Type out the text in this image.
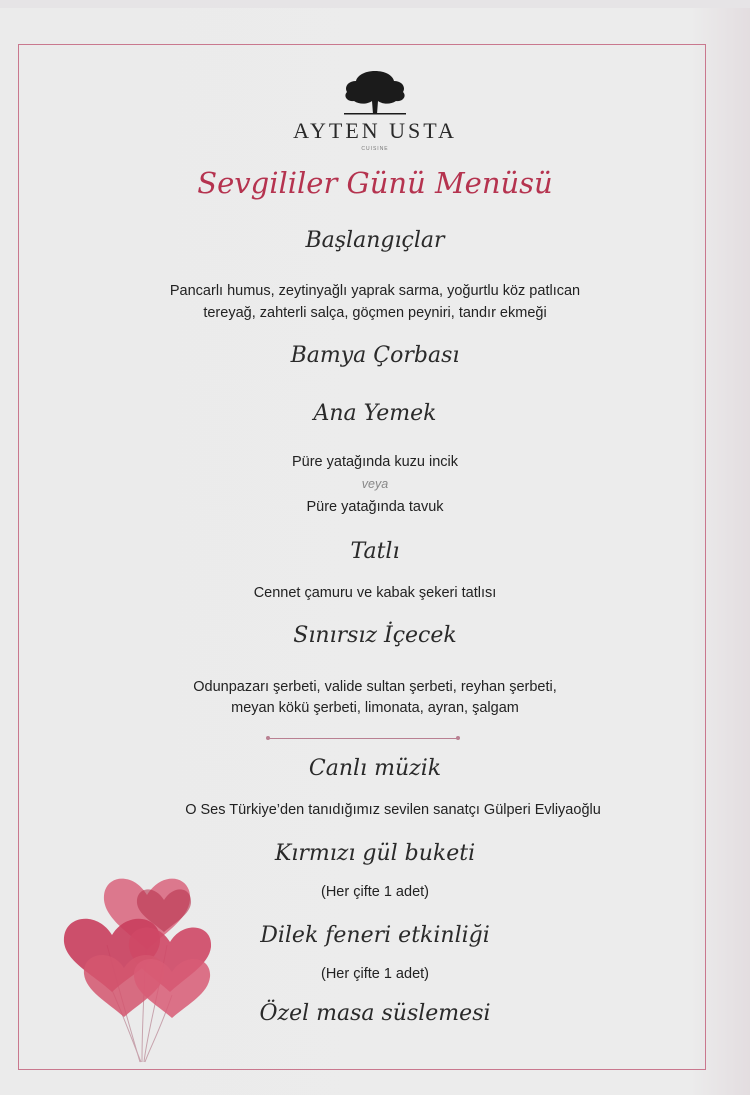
AYTEN USTA
CUISINE
Sevgililer Günü Menüsü
Başlangıçlar
Pancarlı humus, zeytinyağlı yaprak sarma, yoğurtlu köz patlıcan
tereyağ, zahterli salça, göçmen peyniri, tandır ekmeği
Bamya Çorbası
Ana Yemek
Püre yatağında kuzu incik
veya
Püre yatağında tavuk
Tatlı
Cennet çamuru ve kabak şekeri tatlısı
Sınırsız İçecek
Odunpazarı şerbeti, valide sultan şerbeti, reyhan şerbeti,
meyan kökü şerbeti, limonata, ayran, şalgam
Canlı müzik
O Ses Türkiye’den tanıdığımız sevilen sanatçı Gülperi Evliyaoğlu
Kırmızı gül buketi
(Her çifte 1 adet)
Dilek feneri etkinliği
(Her çifte 1 adet)
Özel masa süslemesi
